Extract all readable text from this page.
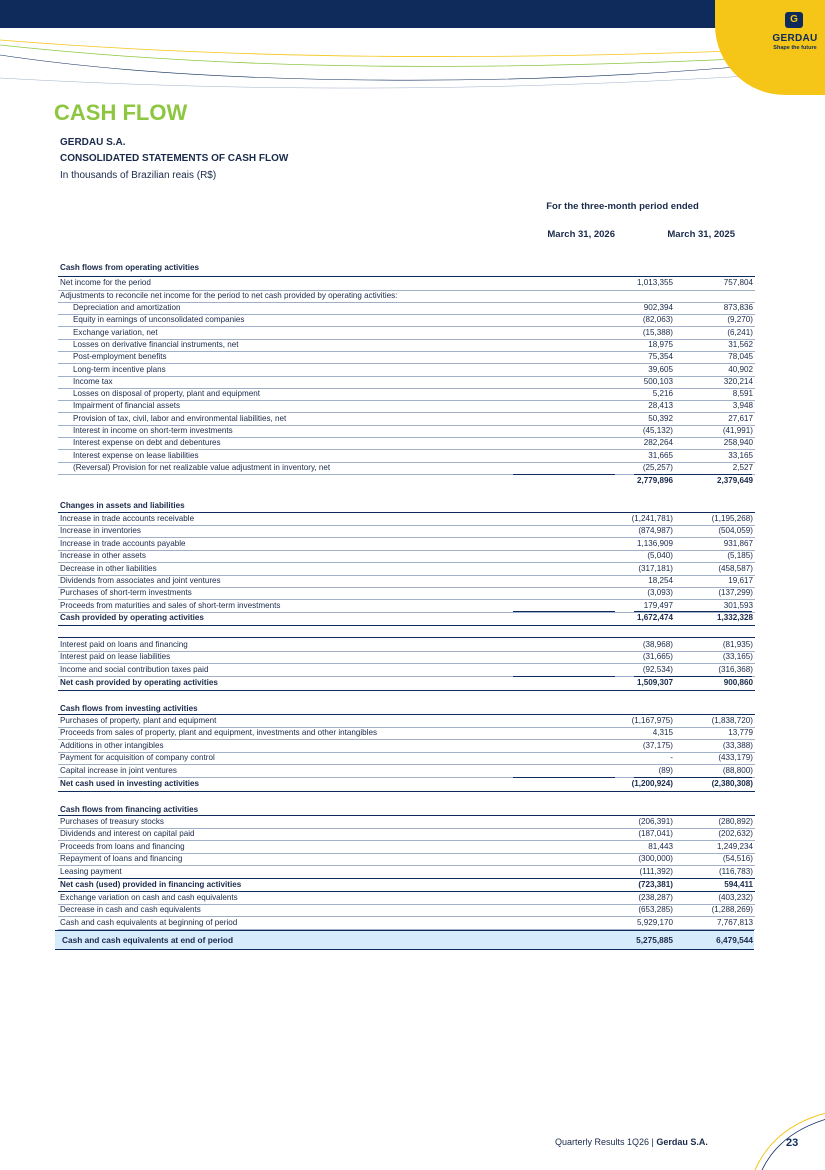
G
GERDAU
Shape the future
CASH FLOW
GERDAU S.A.
CONSOLIDATED STATEMENTS OF CASH FLOW
In thousands of Brazilian reais (R$)
For the three-month period ended
March 31, 2026	March 31, 2025
Cash flows from operating activities
Net income for the period	1,013,355	757,804
Adjustments to reconcile net income for the period to net cash provided by operating activities:
Depreciation and amortization	902,394	873,836
Equity in earnings of unconsolidated companies	(82,063)	(9,270)
Exchange variation, net	(15,388)	(6,241)
Losses on derivative financial instruments, net	18,975	31,562
Post-employment benefits	75,354	78,045
Long-term incentive plans	39,605	40,902
Income tax	500,103	320,214
Losses on disposal of property, plant and equipment	5,216	8,591
Impairment of financial assets	28,413	3,948
Provision of tax, civil, labor and environmental liabilities, net	50,392	27,617
Interest in income on short-term investments	(45,132)	(41,991)
Interest expense on debt and debentures	282,264	258,940
Interest expense on lease liabilities	31,665	33,165
(Reversal) Provision for net realizable value adjustment in inventory, net	(25,257)	2,527
2,779,896	2,379,649
Changes in assets and liabilities
Increase in trade accounts receivable	(1,241,781)	(1,195,268)
Increase in inventories	(874,987)	(504,059)
Increase in trade accounts payable	1,136,909	931,867
Increase in other assets	(5,040)	(5,185)
Decrease in other liabilities	(317,181)	(458,587)
Dividends from associates and joint ventures	18,254	19,617
Purchases of short-term investments	(3,093)	(137,299)
Proceeds from maturities and sales of short-term investments	179,497	301,593
Cash provided by operating activities	1,672,474	1,332,328
Interest paid on loans and financing	(38,968)	(81,935)
Interest paid on lease liabilities	(31,665)	(33,165)
Income and social contribution taxes paid	(92,534)	(316,368)
Net cash provided by operating activities	1,509,307	900,860
Cash flows from investing activities
Purchases of property, plant and equipment	(1,167,975)	(1,838,720)
Proceeds from sales of property, plant and equipment, investments and other intangibles	4,315	13,779
Additions in other intangibles	(37,175)	(33,388)
Payment for acquisition of company control	-	(433,179)
Capital increase in joint ventures	(89)	(88,800)
Net cash used in investing activities	(1,200,924)	(2,380,308)
Cash flows from financing activities
Purchases of treasury stocks	(206,391)	(280,892)
Dividends and interest on capital paid	(187,041)	(202,632)
Proceeds from loans and financing	81,443	1,249,234
Repayment of loans and financing	(300,000)	(54,516)
Leasing payment	(111,392)	(116,783)
Net cash (used) provided in financing activities	(723,381)	594,411
Exchange variation on cash and cash equivalents	(238,287)	(403,232)
Decrease in cash and cash equivalents	(653,285)	(1,288,269)
Cash and cash equivalents at beginning of period	5,929,170	7,767,813
Cash and cash equivalents at end of period	5,275,885	6,479,544
Quarterly Results 1Q26 | Gerdau S.A.	23
